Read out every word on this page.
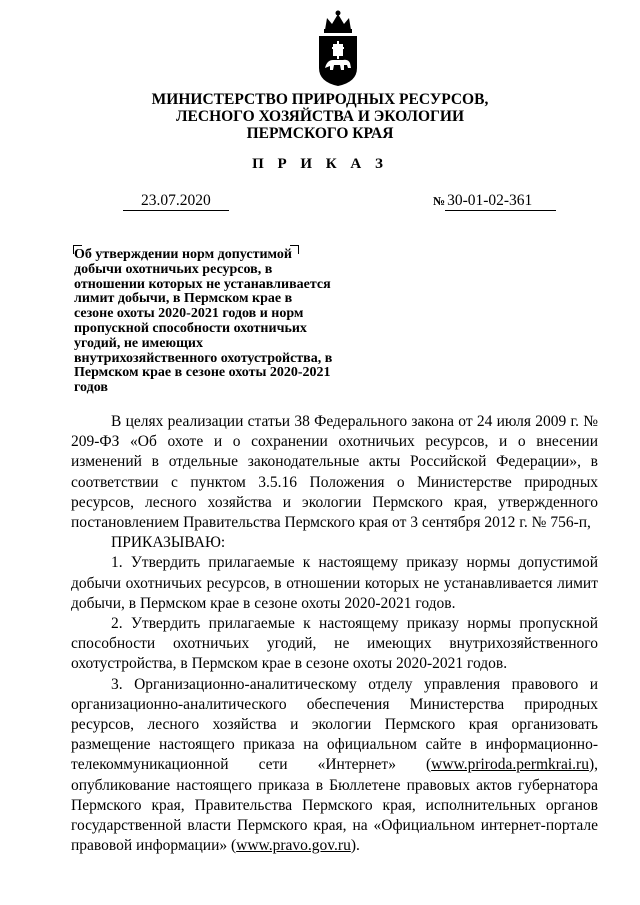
МИНИСТЕРСТВО ПРИРОДНЫХ РЕСУРСОВ,
ЛЕСНОГО ХОЗЯЙСТВА И ЭКОЛОГИИ
ПЕРМСКОГО КРАЯ
П Р И К А З
23.07.2020	№ 30-01-02-361
Об утверждении норм допустимой добычи охотничьих ресурсов, в отношении которых не устанавливается лимит добычи, в Пермском крае в сезоне охоты 2020-2021 годов и норм пропускной способности охотничьих угодий, не имеющих внутрихозяйственного охотустройства, в Пермском крае в сезоне охоты 2020-2021 годов

В целях реализации статьи 38 Федерального закона от 24 июля 2009 г. № 209-ФЗ «Об охоте и о сохранении охотничьих ресурсов, и о внесении изменений в отдельные законодательные акты Российской Федерации», в соответствии с пунктом 3.5.16 Положения о Министерстве природных ресурсов, лесного хозяйства и экологии Пермского края, утвержденного постановлением Правительства Пермского края от 3 сентября 2012 г. № 756-п,

ПРИКАЗЫВАЮ:

1. Утвердить прилагаемые к настоящему приказу нормы допустимой добычи охотничьих ресурсов, в отношении которых не устанавливается лимит добычи, в Пермском крае в сезоне охоты 2020-2021 годов.

2. Утвердить прилагаемые к настоящему приказу нормы пропускной способности охотничьих угодий, не имеющих внутрихозяйственного охотустройства, в Пермском крае в сезоне охоты 2020-2021 годов.

3. Организационно-аналитическому отделу управления правового и организационно-аналитического обеспечения Министерства природных ресурсов, лесного хозяйства и экологии Пермского края организовать размещение настоящего приказа на официальном сайте в информационно-телекоммуникационной сети «Интернет» (www.priroda.permkrai.ru), опубликование настоящего приказа в Бюллетене правовых актов губернатора Пермского края, Правительства Пермского края, исполнительных органов государственной власти Пермского края, на «Официальном интернет-портале правовой информации» (www.pravo.gov.ru).
